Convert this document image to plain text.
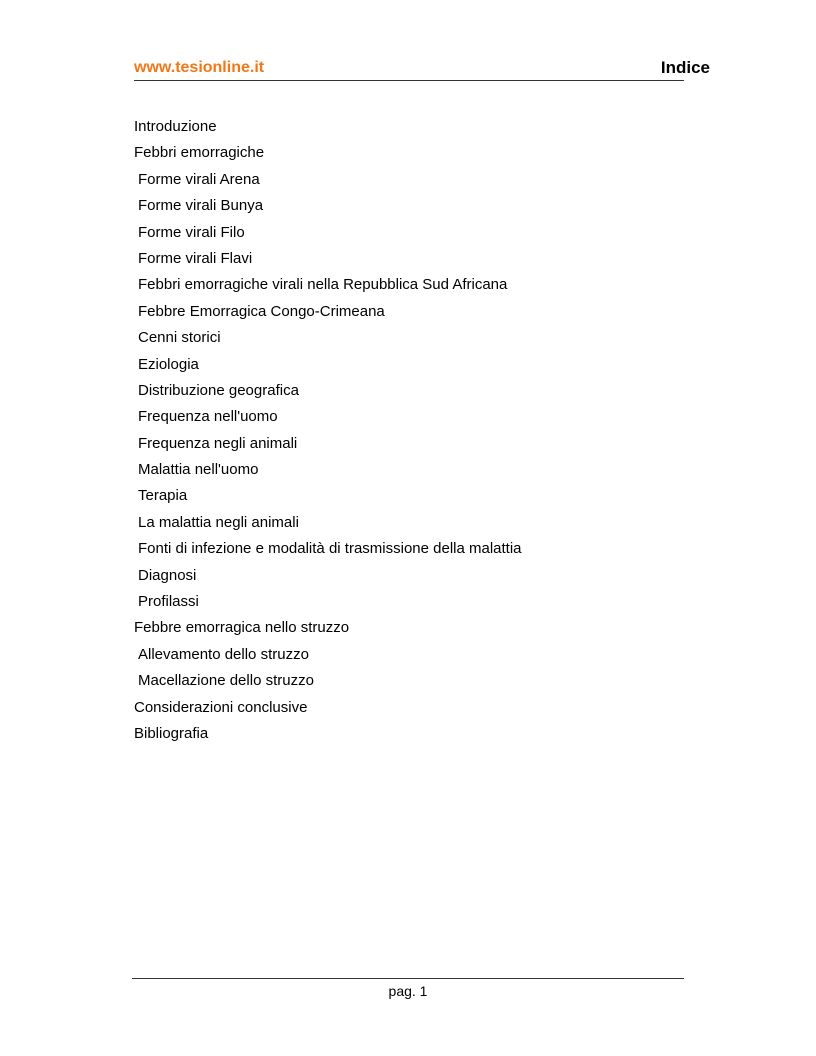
www.tesionline.it	Indice
Introduzione
Febbri emorragiche
Forme virali Arena
Forme virali Bunya
Forme virali Filo
Forme virali Flavi
Febbri emorragiche virali nella Repubblica Sud Africana
Febbre Emorragica Congo-Crimeana
Cenni storici
Eziologia
Distribuzione geografica
Frequenza nell'uomo
Frequenza negli animali
Malattia nell'uomo
Terapia
La malattia negli animali
Fonti di infezione e modalità di trasmissione della malattia
Diagnosi
Profilassi
Febbre emorragica nello struzzo
Allevamento dello struzzo
Macellazione dello struzzo
Considerazioni conclusive
Bibliografia
pag. 1
